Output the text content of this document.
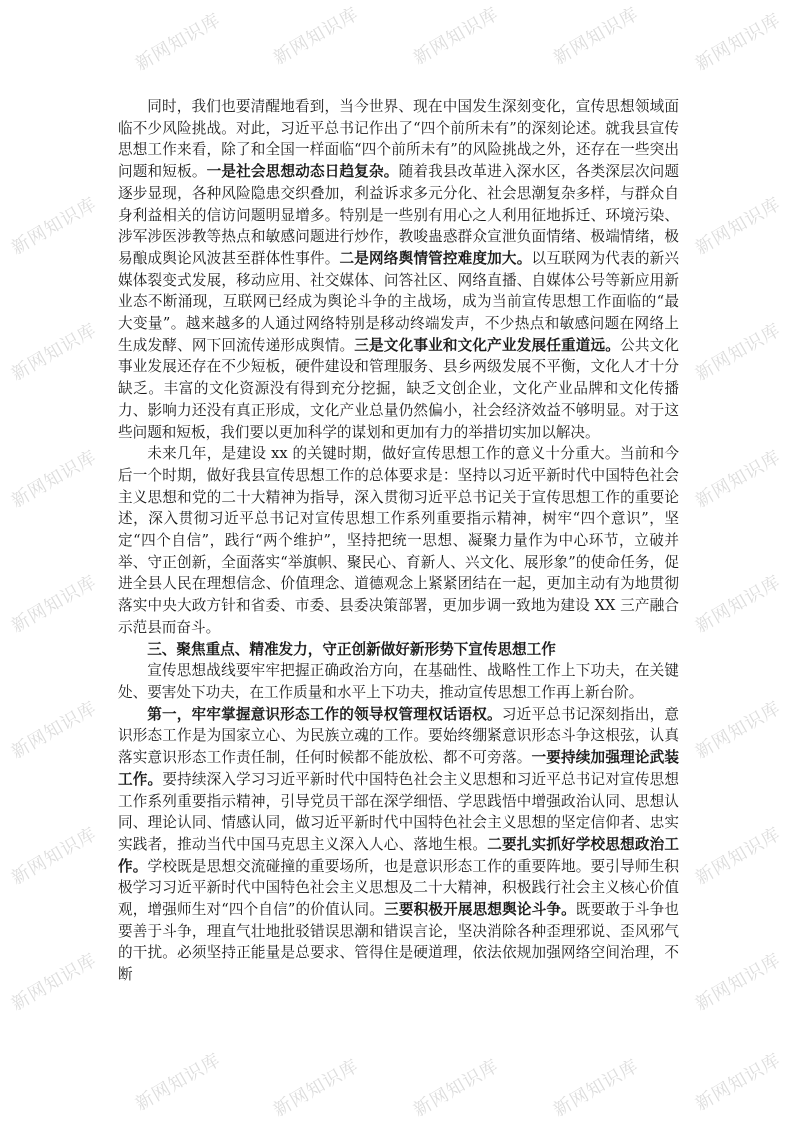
新网知识库	新网知识库	新网知识库	新网知识库	新网知识库
新网知识库	新网知识库
新网知识库	新网知识库
新网知识库	新网知识库
新网知识库	新网知识库
新网知识库	新网知识库
新网知识库	新网知识库
新网知识库	新网知识库
新网知识库	新网知识库	新网知识库	新网知识库	新网知识库

同时，我们也要清醒地看到，当今世界、现在中国发生深刻变化，宣传思想领域面临不少风险挑战。对此，习近平总书记作出了“四个前所未有”的深刻论述。就我县宣传思想工作来看，除了和全国一样面临“四个前所未有”的风险挑战之外，还存在一些突出问题和短板。一是社会思想动态日趋复杂。随着我县改革进入深水区，各类深层次问题逐步显现，各种风险隐患交织叠加，利益诉求多元分化、社会思潮复杂多样，与群众自身利益相关的信访问题明显增多。特别是一些别有用心之人利用征地拆迁、环境污染、涉军涉医涉教等热点和敏感问题进行炒作，教唆蛊惑群众宣泄负面情绪、极端情绪，极易酿成舆论风波甚至群体性事件。二是网络舆情管控难度加大。以互联网为代表的新兴媒体裂变式发展，移动应用、社交媒体、问答社区、网络直播、自媒体公号等新应用新业态不断涌现，互联网已经成为舆论斗争的主战场，成为当前宣传思想工作面临的“最大变量”。越来越多的人通过网络特别是移动终端发声，不少热点和敏感问题在网络上生成发酵、网下回流传递形成舆情。三是文化事业和文化产业发展任重道远。公共文化事业发展还存在不少短板，硬件建设和管理服务、县乡两级发展不平衡，文化人才十分缺乏。丰富的文化资源没有得到充分挖掘，缺乏文创企业，文化产业品牌和文化传播力、影响力还没有真正形成，文化产业总量仍然偏小，社会经济效益不够明显。对于这些问题和短板，我们要以更加科学的谋划和更加有力的举措切实加以解决。

未来几年，是建设 xx 的关键时期，做好宣传思想工作的意义十分重大。当前和今后一个时期，做好我县宣传思想工作的总体要求是：坚持以习近平新时代中国特色社会主义思想和党的二十大精神为指导，深入贯彻习近平总书记关于宣传思想工作的重要论述，深入贯彻习近平总书记对宣传思想工作系列重要指示精神，树牢“四个意识”，坚定“四个自信”，践行“两个维护”，坚持把统一思想、凝聚力量作为中心环节，立破并举、守正创新，全面落实“举旗帜、聚民心、育新人、兴文化、展形象”的使命任务，促进全县人民在理想信念、价值理念、道德观念上紧紧团结在一起，更加主动有为地贯彻落实中央大政方针和省委、市委、县委决策部署，更加步调一致地为建设 XX 三产融合示范县而奋斗。

三、聚焦重点、精准发力，守正创新做好新形势下宣传思想工作

宣传思想战线要牢牢把握正确政治方向，在基础性、战略性工作上下功夫，在关键处、要害处下功夫，在工作质量和水平上下功夫，推动宣传思想工作再上新台阶。

第一，牢牢掌握意识形态工作的领导权管理权话语权。习近平总书记深刻指出，意识形态工作是为国家立心、为民族立魂的工作。要始终绷紧意识形态斗争这根弦，认真落实意识形态工作责任制，任何时候都不能放松、都不可旁落。一要持续加强理论武装工作。要持续深入学习习近平新时代中国特色社会主义思想和习近平总书记对宣传思想工作系列重要指示精神，引导党员干部在深学细悟、学思践悟中增强政治认同、思想认同、理论认同、情感认同，做习近平新时代中国特色社会主义思想的坚定信仰者、忠实实践者，推动当代中国马克思主义深入人心、落地生根。二要扎实抓好学校思想政治工作。学校既是思想交流碰撞的重要场所，也是意识形态工作的重要阵地。要引导师生积极学习习近平新时代中国特色社会主义思想及二十大精神，积极践行社会主义核心价值观，增强师生对“四个自信”的价值认同。三要积极开展思想舆论斗争。既要敢于斗争也要善于斗争，理直气壮地批驳错误思潮和错误言论，坚决消除各种歪理邪说、歪风邪气的干扰。必须坚持正能量是总要求、管得住是硬道理，依法依规加强网络空间治理，不断
